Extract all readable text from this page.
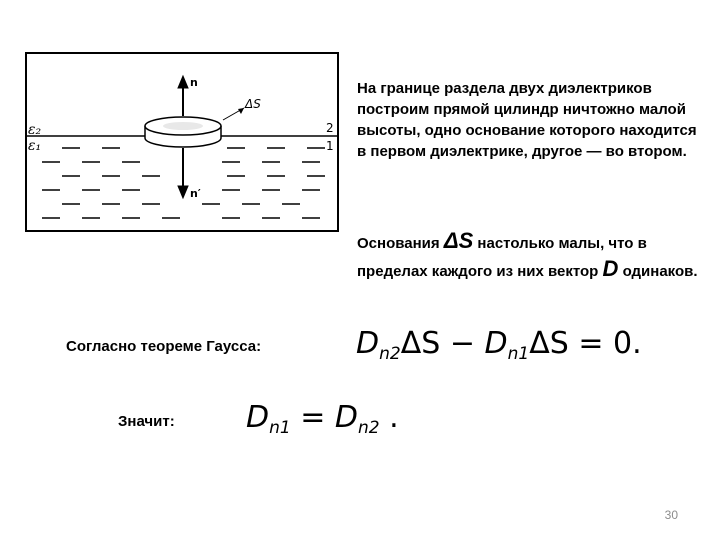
n
n′
ΔS
ε₂
ε₁
2
1
На границе раздела двух диэлектриков построим прямой цилиндр ничтожно малой высоты, одно основание которого находится в первом диэлектрике, другое — во втором.
Основания ΔS настолько малы, что в пределах каждого из них вектор D одинаков.
Согласно теореме Гаусса:	$D_{n2}\Delta S - D_{n1}\Delta S = 0$.
Значит: $D_{n1} = D_{n2}$ .
30
